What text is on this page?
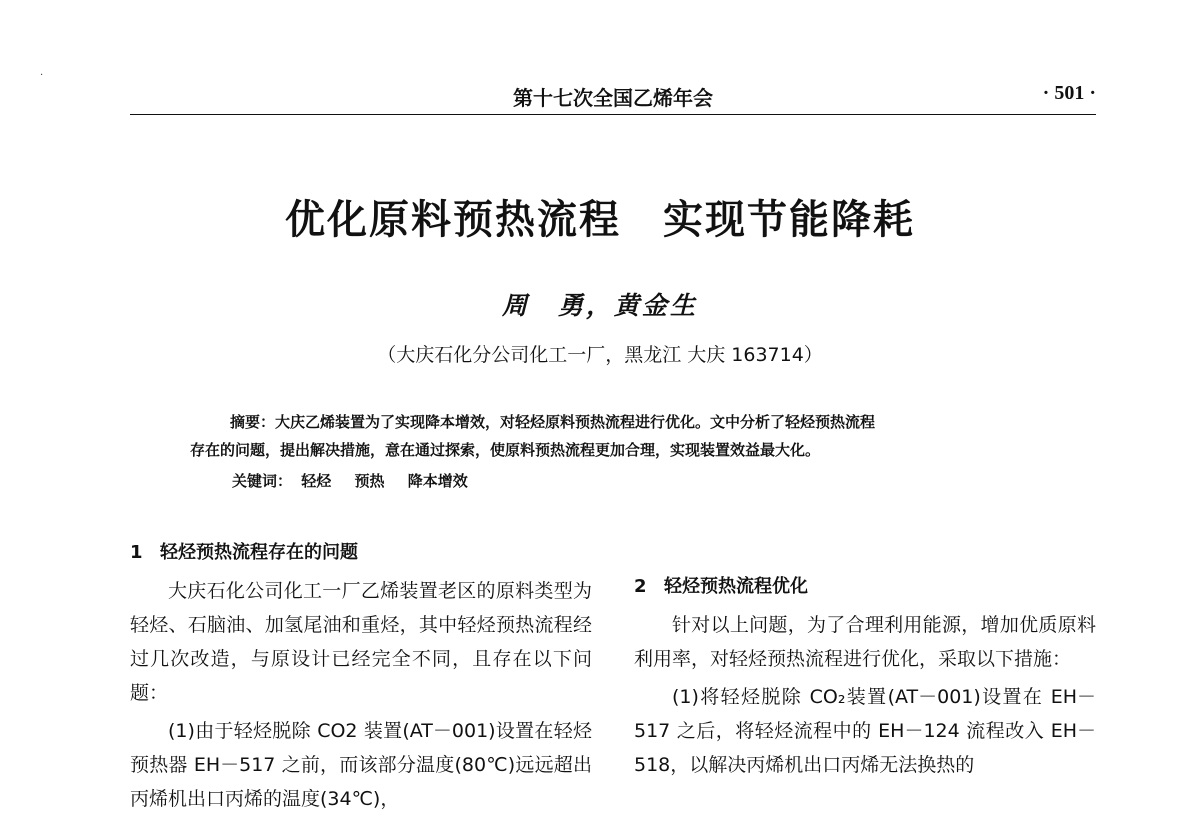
·
第十七次全国乙烯年会	· 501 ·
优化原料预热流程 实现节能降耗
周　勇，黄金生
（大庆石化分公司化工一厂，黑龙江 大庆 163714）
摘要：大庆乙烯装置为了实现降本增效，对轻烃原料预热流程进行优化。文中分析了轻烃预热流程
存在的问题，提出解决措施，意在通过探索，使原料预热流程更加合理，实现装置效益最大化。
关键词： 轻烃 预热 降本增效
1 轻烃预热流程存在的问题

大庆石化公司化工一厂乙烯装置老区的原料类型为轻烃、石脑油、加氢尾油和重烃，其中轻烃预热流程经过几次改造，与原设计已经完全不同，且存在以下问题：

(1)由于轻烃脱除 CO2 装置(AT－001)设置在轻烃预热器 EH－517 之前，而该部分温度(80℃)远远超出丙烯机出口丙烯的温度(34℃)，

2 轻烃预热流程优化

针对以上问题，为了合理利用能源，增加优质原料利用率，对轻烃预热流程进行优化，采取以下措施：

(1)将轻烃脱除 CO₂装置(AT－001)设置在 EH－517 之后，将轻烃流程中的 EH－124 流程改入 EH－518，以解决丙烯机出口丙烯无法换热的
